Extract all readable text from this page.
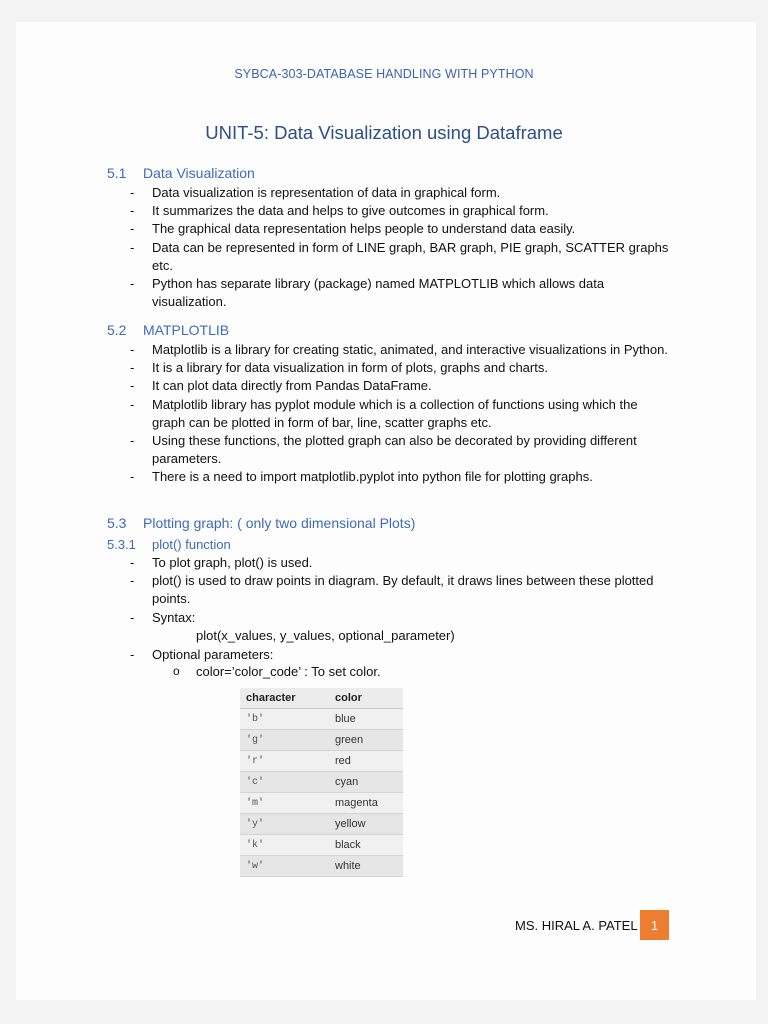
SYBCA-303-DATABASE HANDLING WITH PYTHON
UNIT-5: Data Visualization using Dataframe
5.1 Data Visualization
- Data visualization is representation of data in graphical form.
- It summarizes the data and helps to give outcomes in graphical form.
- The graphical data representation helps people to understand data easily.
- Data can be represented in form of LINE graph, BAR graph, PIE graph, SCATTER graphs etc.
- Python has separate library (package) named MATPLOTLIB which allows data visualization.
5.2 MATPLOTLIB
- Matplotlib is a library for creating static, animated, and interactive visualizations in Python.
- It is a library for data visualization in form of plots, graphs and charts.
- It can plot data directly from Pandas DataFrame.
- Matplotlib library has pyplot module which is a collection of functions using which the graph can be plotted in form of bar, line, scatter graphs etc.
- Using these functions, the plotted graph can also be decorated by providing different parameters.
- There is a need to import matplotlib.pyplot into python file for plotting graphs.
5.3 Plotting graph: ( only two dimensional Plots)
5.3.1 plot() function
- To plot graph, plot() is used.
- plot() is used to draw points in diagram. By default, it draws lines between these plotted points.
- Syntax:
plot(x_values, y_values, optional_parameter)
- Optional parameters:
o color=’color_code’ : To set color.
character	color
'b'	blue
'g'	green
'r'	red
'c'	cyan
'm'	magenta
'y'	yellow
'k'	black
'w'	white
MS. HIRAL A. PATEL	1
